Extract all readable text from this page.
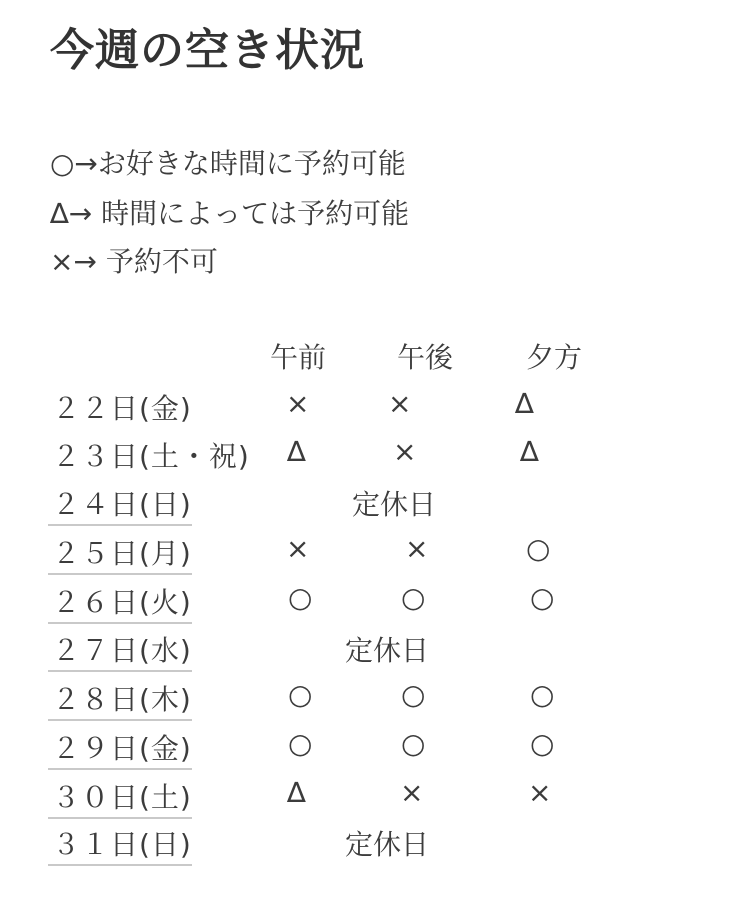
今週の空き状況
○→お好きな時間に予約可能
∆→ 時間によっては予約可能
×→ 予約不可
午前	午後	夕方
２２日(金)	×	×	∆
２３日(土・祝) ∆	×	∆
２４日(日)	定休日
２５日(月)	×	×	○
２６日(火)	○	○	○
２７日(水)	定休日
２８日(木)	○	○	○
２９日(金)	○	○	○
３０日(土)	∆	×	×
３１日(日)	定休日
